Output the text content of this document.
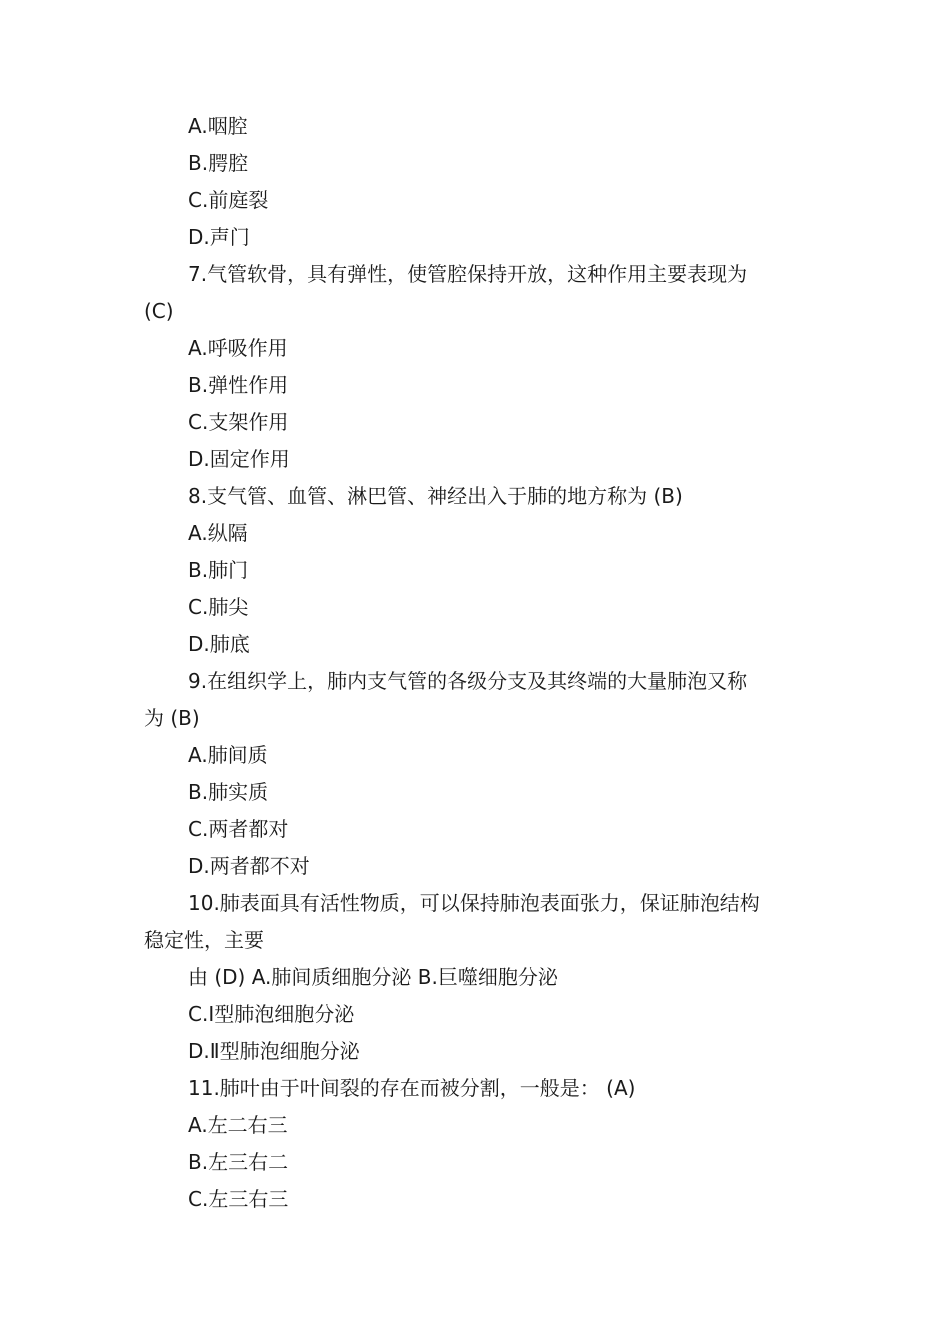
A.咽腔
B.腭腔
C.前庭裂
D.声门
7.气管软骨，具有弹性，使管腔保持开放，这种作用主要表现为
(C)
A.呼吸作用
B.弹性作用
C.支架作用
D.固定作用
8.支气管、血管、淋巴管、神经出入于肺的地方称为 (B)
A.纵隔
B.肺门
C.肺尖
D.肺底
9.在组织学上，肺内支气管的各级分支及其终端的大量肺泡又称
为 (B)
A.肺间质
B.肺实质
C.两者都对
D.两者都不对
10.肺表面具有活性物质，可以保持肺泡表面张力，保证肺泡结构
稳定性，主要
由 (D) A.肺间质细胞分泌 B.巨噬细胞分泌
C.Ⅰ型肺泡细胞分泌
D.Ⅱ型肺泡细胞分泌
11.肺叶由于叶间裂的存在而被分割，一般是： (A)
A.左二右三
B.左三右二
C.左三右三
